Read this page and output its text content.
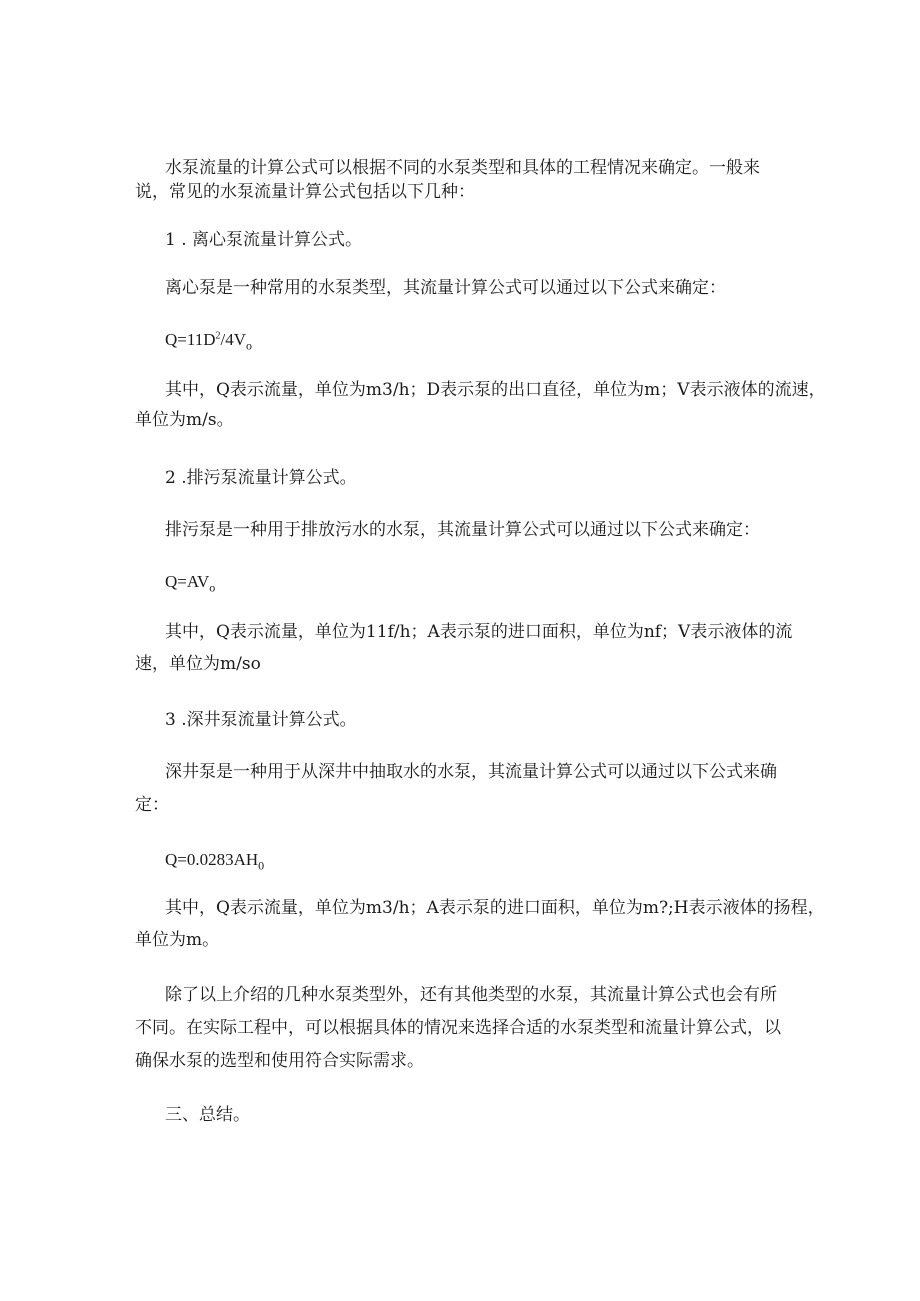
水泵流量的计算公式可以根据不同的水泵类型和具体的工程情况来确定。一般来
说，常见的水泵流量计算公式包括以下几种：
1 . 离心泵流量计算公式。
离心泵是一种常用的水泵类型，其流量计算公式可以通过以下公式来确定：
$Q=11D^2/4V_o$
其中，Q表示流量，单位为m3/h；D表示泵的出口直径，单位为m；V表示液体的流速，
单位为m/s。
2 .排污泵流量计算公式。
排污泵是一种用于排放污水的水泵，其流量计算公式可以通过以下公式来确定：
$Q=AV_o$
其中，Q表示流量，单位为11f/h；A表示泵的进口面积，单位为nf；V表示液体的流
速，单位为m/so
3 .深井泵流量计算公式。
深井泵是一种用于从深井中抽取水的水泵，其流量计算公式可以通过以下公式来确
定：
$Q=0.0283AH_0$
其中，Q表示流量，单位为m3/h；A表示泵的进口面积，单位为m?;H表示液体的扬程，
单位为m。
除了以上介绍的几种水泵类型外，还有其他类型的水泵，其流量计算公式也会有所
不同。在实际工程中，可以根据具体的情况来选择合适的水泵类型和流量计算公式，以
确保水泵的选型和使用符合实际需求。
三、总结。
